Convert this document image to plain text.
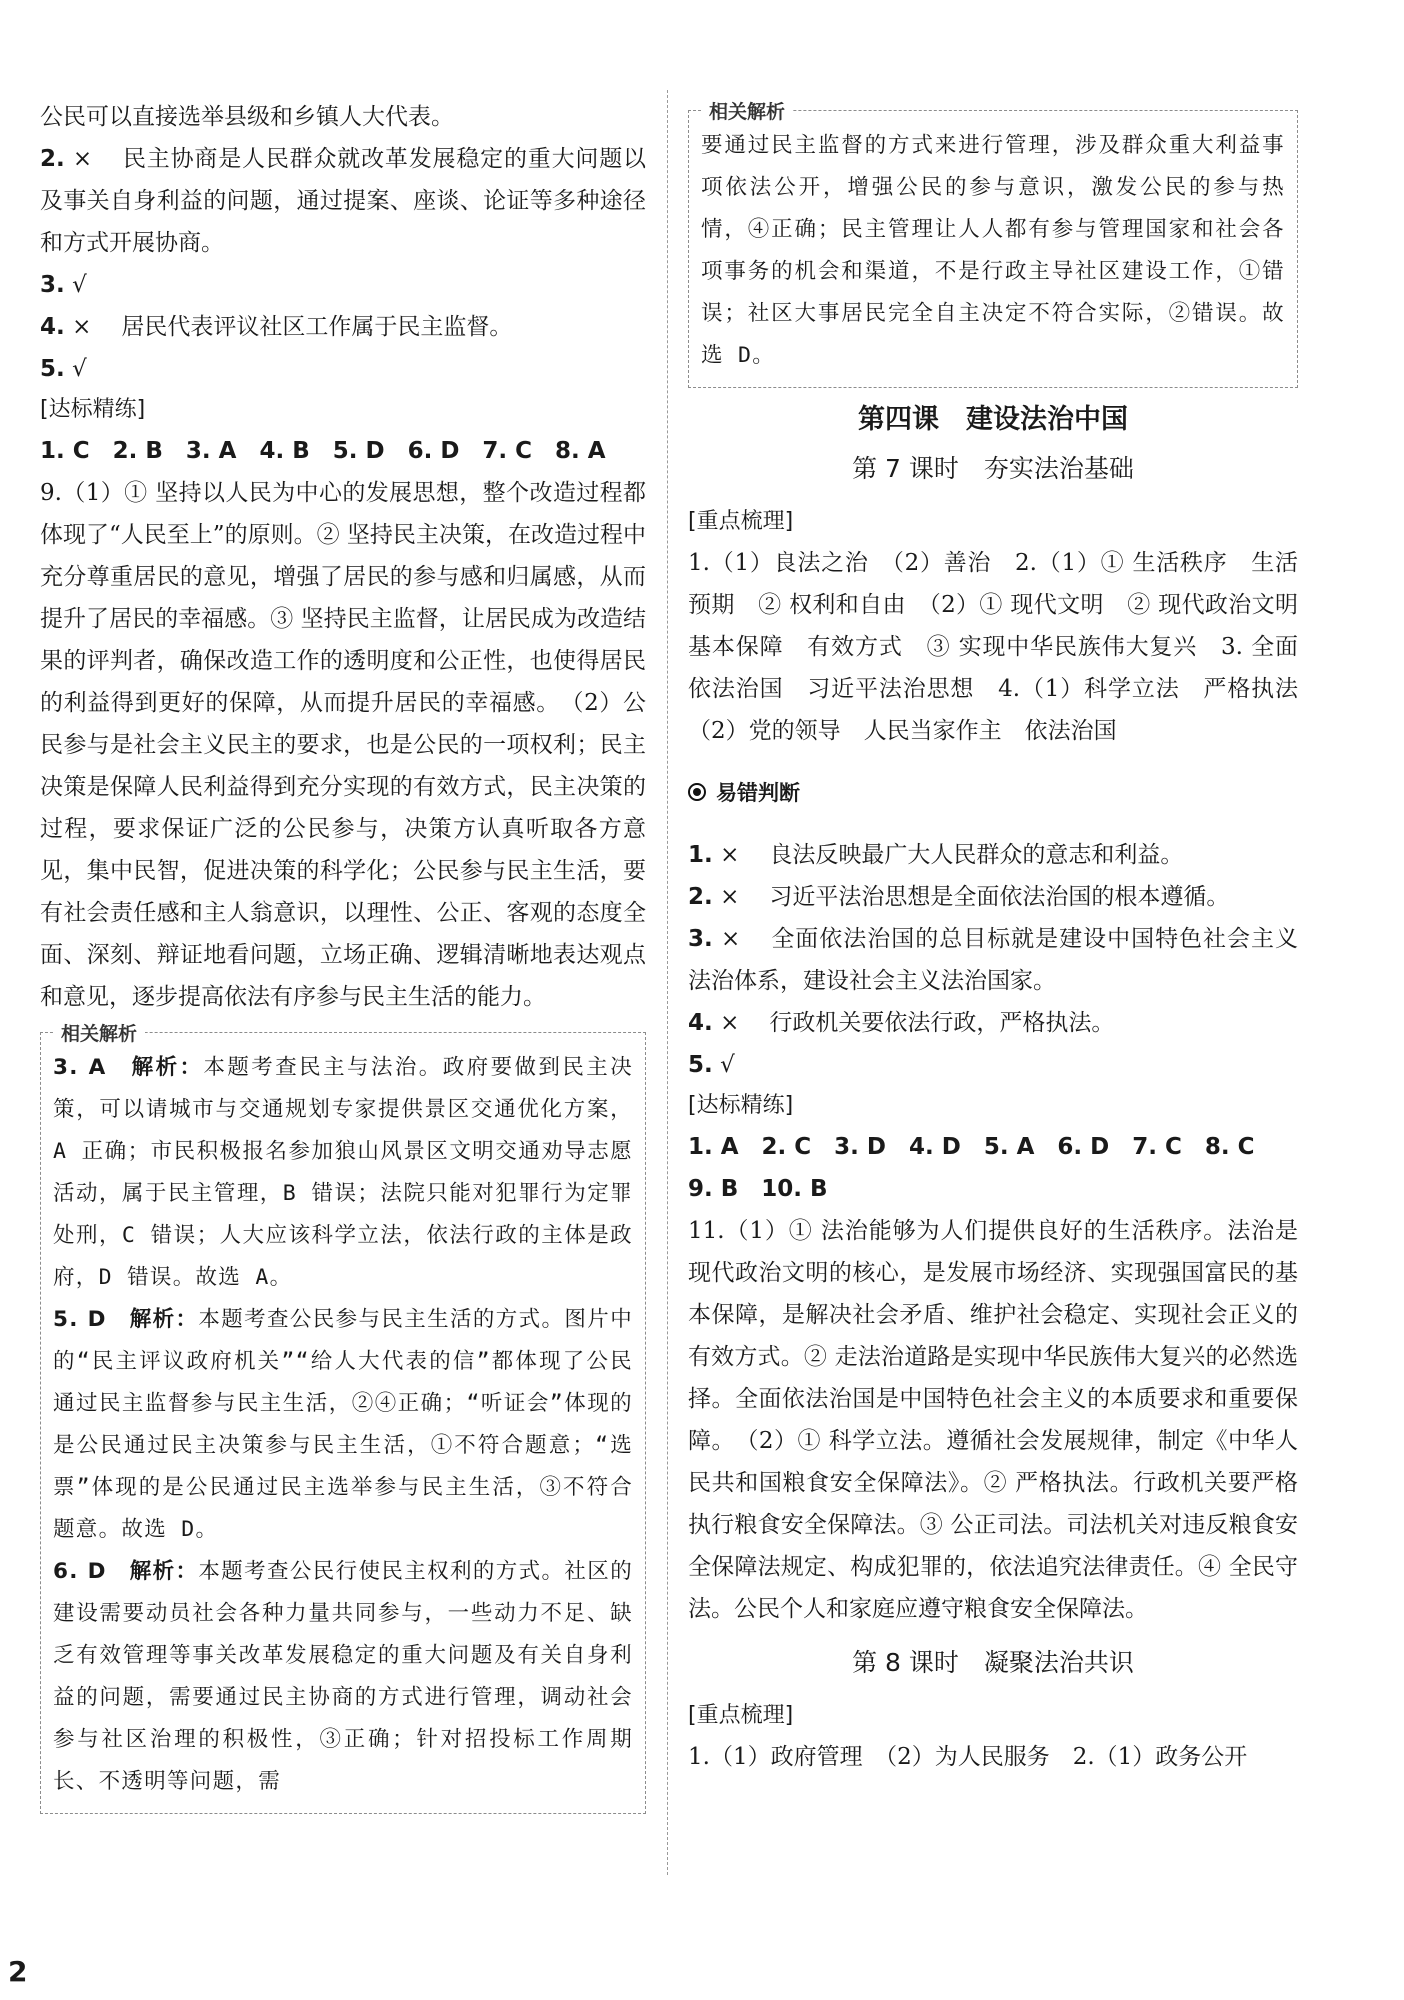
公民可以直接选举县级和乡镇人大代表。

2. × 民主协商是人民群众就改革发展稳定的重大问题以及事关自身利益的问题，通过提案、座谈、论证等多种途径和方式开展协商。

3. √

4. × 居民代表评议社区工作属于民主监督。

5. √

[达标精练]

1. C　2. B　3. A　4. B　5. D　6. D　7. C　8. A

9.（1）① 坚持以人民为中心的发展思想，整个改造过程都体现了“人民至上”的原则。② 坚持民主决策，在改造过程中充分尊重居民的意见，增强了居民的参与感和归属感，从而提升了居民的幸福感。③ 坚持民主监督，让居民成为改造结果的评判者，确保改造工作的透明度和公正性，也使得居民的利益得到更好的保障，从而提升居民的幸福感。　（2）公民参与是社会主义民主的要求，也是公民的一项权利；民主决策是保障人民利益得到充分实现的有效方式，民主决策的过程，要求保证广泛的公民参与，决策方认真听取各方意见，集中民智，促进决策的科学化；公民参与民主生活，要有社会责任感和主人翁意识，以理性、公正、客观的态度全面、深刻、辩证地看问题，立场正确、逻辑清晰地表达观点和意见，逐步提高依法有序参与民主生活的能力。

相关解析

3. A　 解析：本题考查民主与法治。政府要做到民主决策，可以请城市与交通规划专家提供景区交通优化方案，A 正确；市民积极报名参加狼山风景区文明交通劝导志愿活动，属于民主管理，B 错误；法院只能对犯罪行为定罪处刑，C 错误；人大应该科学立法，依法行政的主体是政府，D 错误。故选 A。

5. D　 解析：本题考查公民参与民主生活的方式。图片中的“民主评议政府机关”“给人大代表的信”都体现了公民通过民主监督参与民主生活，②④正确；“听证会”体现的是公民通过民主决策参与民主生活，①不符合题意；“选票”体现的是公民通过民主选举参与民主生活，③不符合题意。故选 D。

6. D　 解析：本题考查公民行使民主权利的方式。社区的建设需要动员社会各种力量共同参与，一些动力不足、缺乏有效管理等事关改革发展稳定的重大问题及有关自身利益的问题，需要通过民主协商的方式进行管理，调动社会参与社区治理的积极性，③正确；针对招投标工作周期长、不透明等问题，需

相关解析

要通过民主监督的方式来进行管理，涉及群众重大利益事项依法公开，增强公民的参与意识，激发公民的参与热情，④正确；民主管理让人人都有参与管理国家和社会各项事务的机会和渠道，不是行政主导社区建设工作，①错误；社区大事居民完全自主决定不符合实际，②错误。故选 D。

第四课　建设法治中国

第 7 课时　夯实法治基础

[重点梳理]

1.（1）良法之治　（2）善治　2.（1）① 生活秩序　生活预期　② 权利和自由　（2）① 现代文明　② 现代政治文明　基本保障　有效方式　③ 实现中华民族伟大复兴　3. 全面依法治国　习近平法治思想　4.（1）科学立法　严格执法　（2）党的领导　人民当家作主　依法治国

易错判断

1. × 良法反映最广大人民群众的意志和利益。

2. × 习近平法治思想是全面依法治国的根本遵循。

3. × 全面依法治国的总目标就是建设中国特色社会主义法治体系，建设社会主义法治国家。

4. × 行政机关要依法行政，严格执法。

5. √

[达标精练]

1. A　2. C　3. D　4. D　5. A　6. D　7. C　8. C

9. B　10. B

11.（1）① 法治能够为人们提供良好的生活秩序。法治是现代政治文明的核心，是发展市场经济、实现强国富民的基本保障，是解决社会矛盾、维护社会稳定、实现社会正义的有效方式。② 走法治道路是实现中华民族伟大复兴的必然选择。全面依法治国是中国特色社会主义的本质要求和重要保障。　（2）① 科学立法。遵循社会发展规律，制定《中华人民共和国粮食安全保障法》。② 严格执法。行政机关要严格执行粮食安全保障法。③ 公正司法。司法机关对违反粮食安全保障法规定、构成犯罪的，依法追究法律责任。④ 全民守法。公民个人和家庭应遵守粮食安全保障法。

第 8 课时　凝聚法治共识

[重点梳理]

1.（1）政府管理　（2）为人民服务　2.（1）政务公开

2
